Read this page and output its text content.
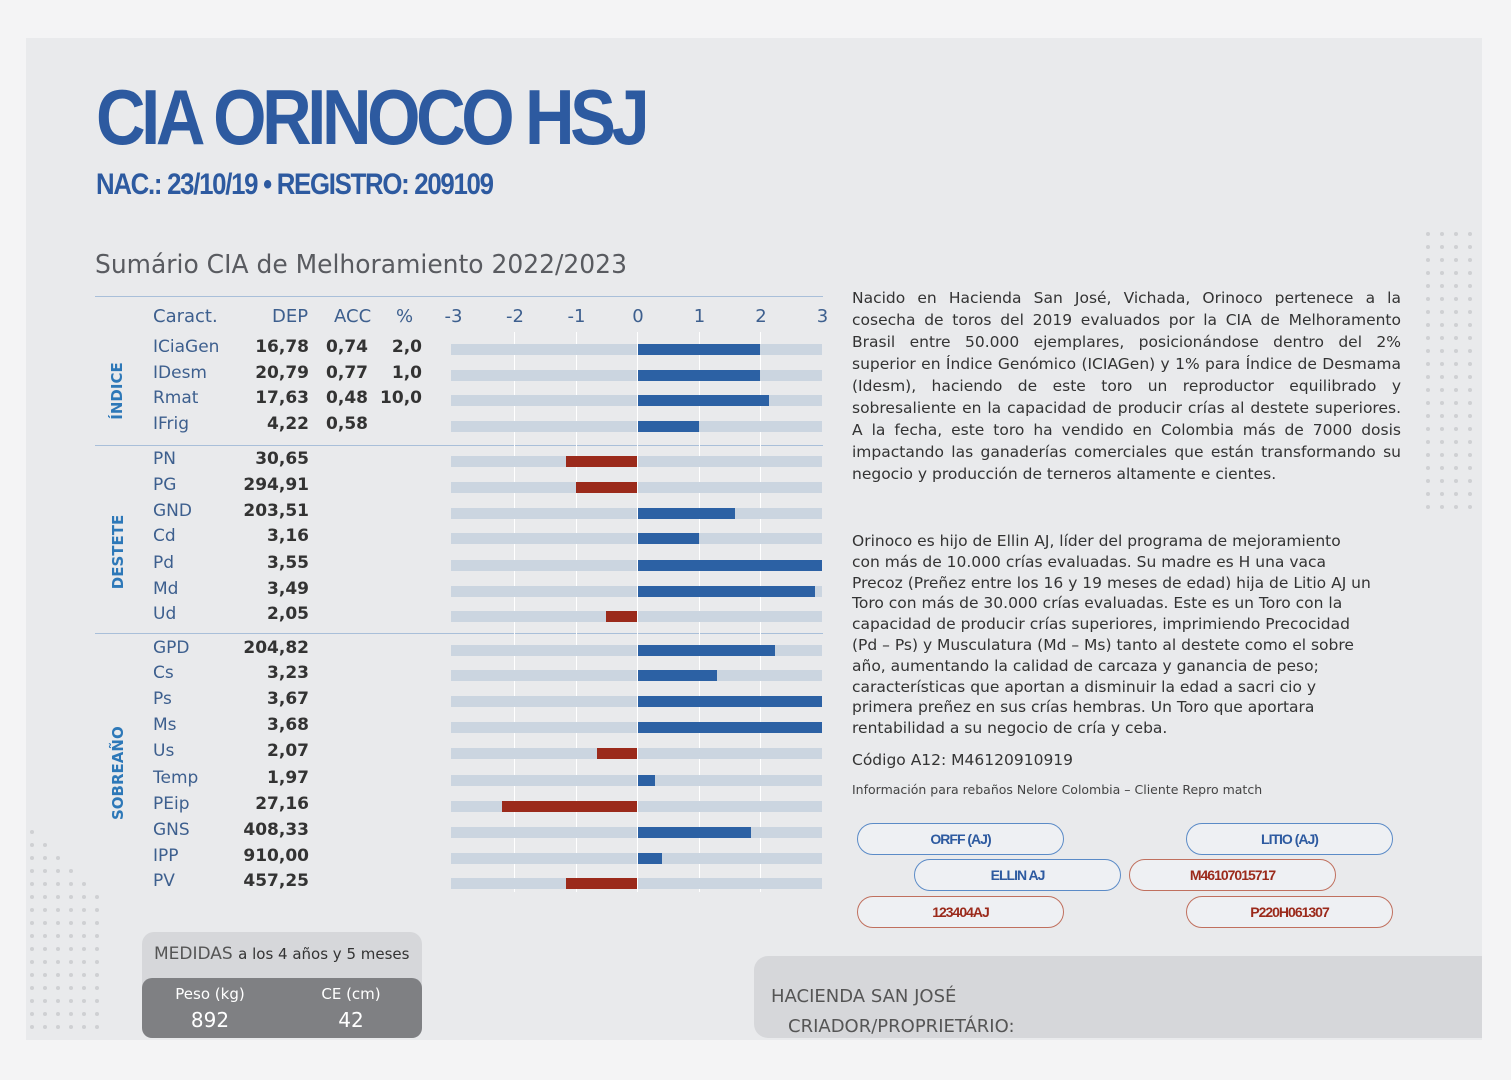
CIA ORINOCO HSJ
NAC.: 23/10/19 • REGISTRO: 209109
Sumário CIA de Melhoramiento 2022/2023
Caract.	DEP ACC %
ÍNDICE
DESTETE
SOBREAÑO
ICiaGen	16,78	0,74	2,0
IDesm	20,79	0,77	1,0
Rmat	17,63	0,48 10,0
IFrig	4,22	0,58
PN	30,65
PG	294,91
GND	203,51
Cd	3,16
Pd	3,55
Md	3,49
Ud	2,05
GPD	204,82
Cs	3,23
Ps	3,67
Ms	3,68
Us	2,07
Temp	1,97
PEip	27,16
GNS	408,33
IPP	910,00
PV	457,25
-3 -2 -1	0	1	2	3
Nacido en Hacienda San José, Vichada, Orinoco pertenece a la cosecha de toros del 2019 evaluados por la CIA de Melhoramento Brasil entre 50.000 ejemplares, posicionándose dentro del 2% superior en Índice Genómico (ICIAGen) y 1% para Índice de Desmama (Idesm), haciendo de este toro un reproductor equilibrado y sobresaliente en la capacidad de producir crías al destete superiores. A la fecha, este toro ha vendido en Colombia más de 7000 dosis impactando las ganaderías comerciales que están transformando su negocio y producción de terneros altamente e cientes.
Orinoco es hijo de Ellin AJ, líder del programa de mejoramiento con más de 10.000 crías evaluadas. Su madre es H una vaca Precoz (Preñez entre los 16 y 19 meses de edad) hija de Litio AJ un Toro con más de 30.000 crías evaluadas. Este es un Toro con la capacidad de producir crías superiores, imprimiendo Precocidad (Pd – Ps) y Musculatura (Md – Ms) tanto al destete como el sobre año, aumentando la calidad de carcaza y ganancia de peso; características que aportan a disminuir la edad a sacri cio y primera preñez en sus crías hembras. Un Toro que aportara rentabilidad a su negocio de cría y ceba.
Código A12: M46120910919
Información para rebaños Nelore Colombia – Cliente Repro match
ORFF (AJ)	LITIO (AJ)
ELLIN AJ	M46107015717
123404AJ	P220H061307
MEDIDAS a los 4 años y 5 meses
Peso (kg)
892
CE (cm)
42	CRIADOR/PROPRIETÁRIO:
HACIENDA SAN JOSÉ
